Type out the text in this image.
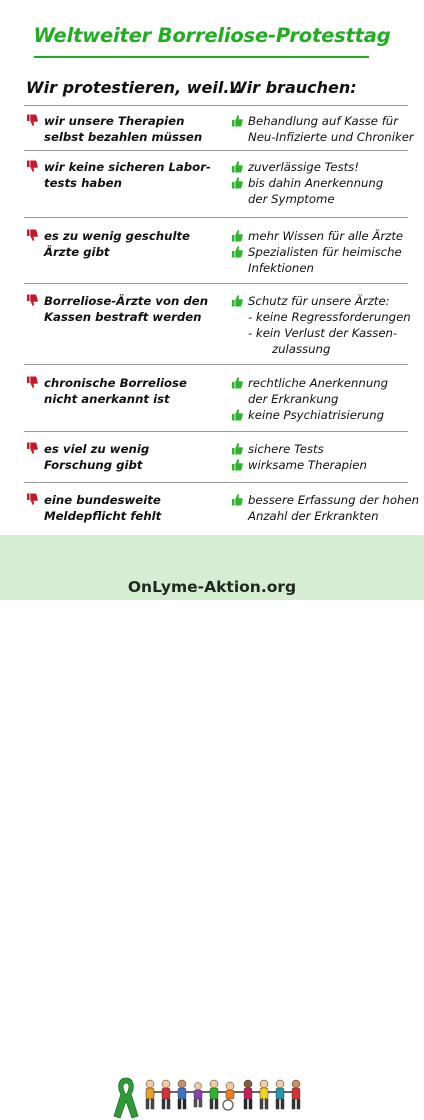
Weltweiter Borreliose-Protesttag
Wir protestieren, weil...
Wir brauchen:
wir unsere Therapien
selbst bezahlen müssen
Behandlung auf Kasse für
Neu-Infizierte und Chroniker
wir keine sicheren Labor-
tests haben
zuverlässige Tests!
bis dahin Anerkennung
der Symptome
es zu wenig geschulte
Ärzte gibt
mehr Wissen für alle Ärzte
Spezialisten für heimische
Infektionen
Borreliose-Ärzte von den
Kassen bestraft werden
Schutz für unsere Ärzte:
- keine Regressforderungen
- kein Verlust der Kassen-
zulassung
chronische Borreliose
nicht anerkannt ist
rechtliche Anerkennung
der Erkrankung
keine Psychiatrisierung
es viel zu wenig
Forschung gibt
sichere Tests
wirksame Therapien
eine bundesweite
Meldepflicht fehlt
bessere Erfassung der hohen
Anzahl der Erkrankten
OnLyme-Aktion.org
